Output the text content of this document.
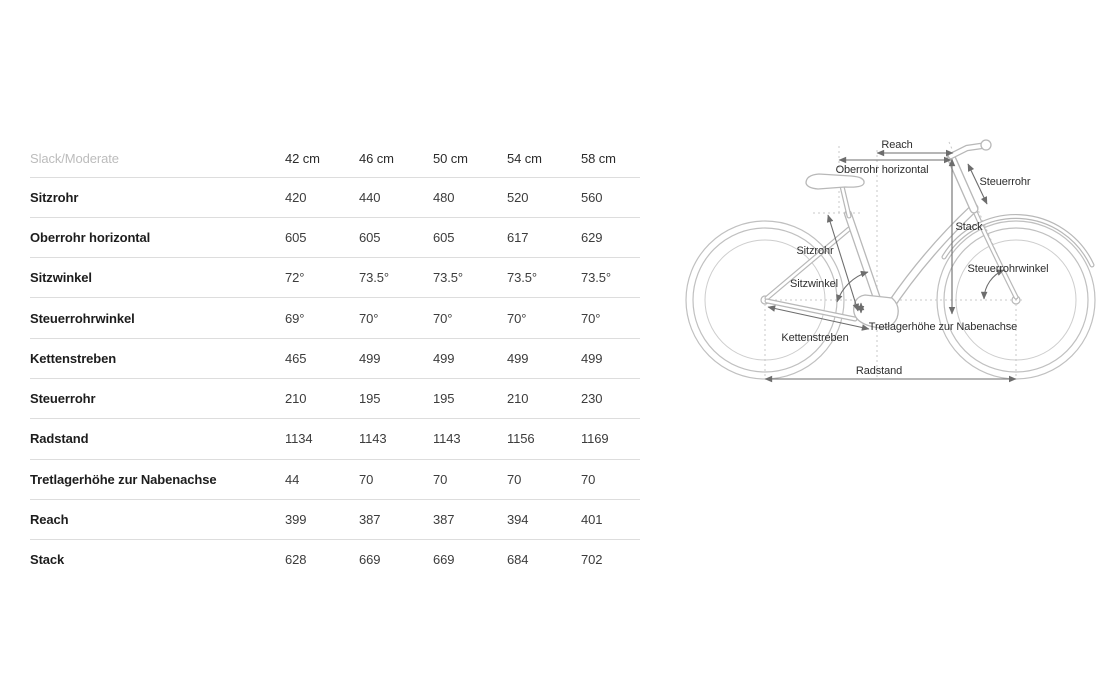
Slack/Moderate	42 cm	46 cm	50 cm	54 cm	58 cm
Sitzrohr	420	440	480	520	560
Oberrohr horizontal	605	605	605	617	629
Sitzwinkel	72°	73.5°	73.5°	73.5°	73.5°
Steuerrohrwinkel	69°	70°	70°	70°	70°
Kettenstreben	465	499	499	499	499
Steuerrohr	210	195	195	210	230
Radstand	1134	1143	1143	1156	1169
Tretlagerhöhe zur Nabenachse	44	70	70	70	70
Reach	399	387	387	394	401
Stack	628	669	669	684	702
Reach
Oberrohr horizontal
Steuerrohr
Stack
Sitzrohr
Sitzwinkel
Steuerrohrwinkel
Tretlagerhöhe zur Nabenachse
Kettenstreben
Radstand
